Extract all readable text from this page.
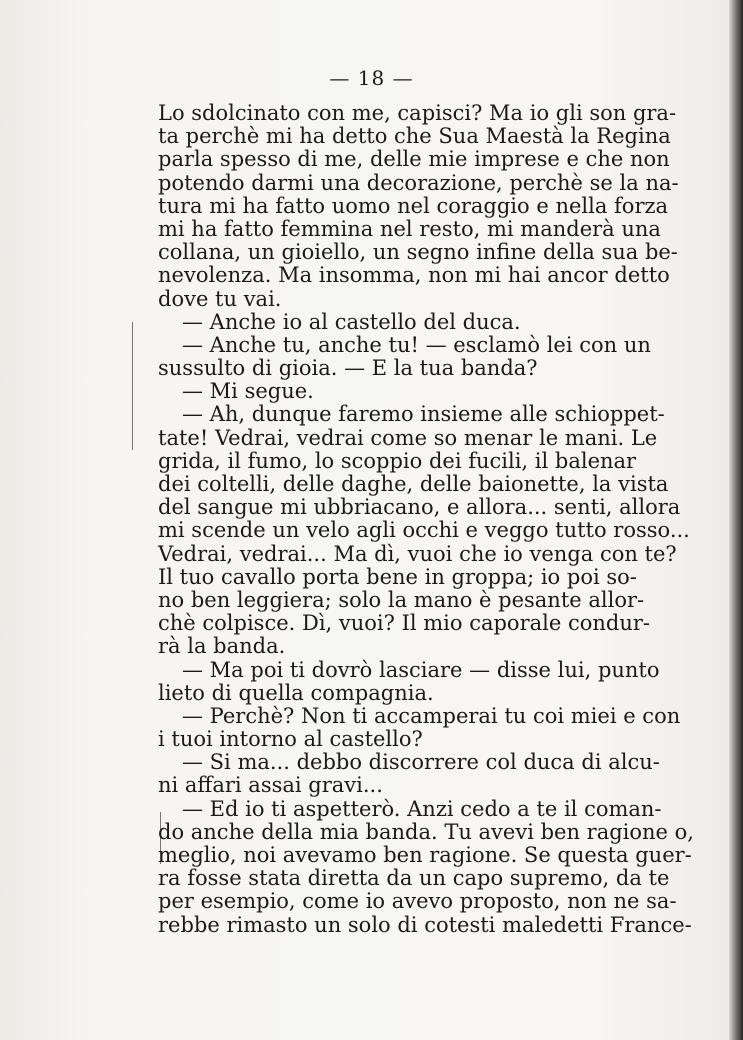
— 18 —
Lo sdolcinato con me, capisci? Ma io gli son gra-
ta perchè mi ha detto che Sua Maestà la Regina
parla spesso di me, delle mie imprese e che non
potendo darmi una decorazione, perchè se la na-
tura mi ha fatto uomo nel coraggio e nella forza
mi ha fatto femmina nel resto, mi manderà una
collana, un gioiello, un segno infine della sua be-
nevolenza. Ma insomma, non mi hai ancor detto
dove tu vai.
— Anche io al castello del duca.
— Anche tu, anche tu! — esclamò lei con un
sussulto di gioia. — E la tua banda?
— Mi segue.
— Ah, dunque faremo insieme alle schioppet-
tate! Vedrai, vedrai come so menar le mani. Le
grida, il fumo, lo scoppio dei fucili, il balenar
dei coltelli, delle daghe, delle baionette, la vista
del sangue mi ubbriacano, e allora... senti, allora
mi scende un velo agli occhi e veggo tutto rosso...
Vedrai, vedrai... Ma dì, vuoi che io venga con te?
Il tuo cavallo porta bene in groppa; io poi so-
no ben leggiera; solo la mano è pesante allor-
chè colpisce. Dì, vuoi? Il mio caporale condur-
rà la banda.
— Ma poi ti dovrò lasciare — disse lui, punto
lieto di quella compagnia.
— Perchè? Non ti accamperai tu coi miei e con
i tuoi intorno al castello?
— Si ma... debbo discorrere col duca di alcu-
ni affari assai gravi...
— Ed io ti aspetterò. Anzi cedo a te il coman-
do anche della mia banda. Tu avevi ben ragione o,
meglio, noi avevamo ben ragione. Se questa guer-
ra fosse stata diretta da un capo supremo, da te
per esempio, come io avevo proposto, non ne sa-
rebbe rimasto un solo di cotesti maledetti France-
